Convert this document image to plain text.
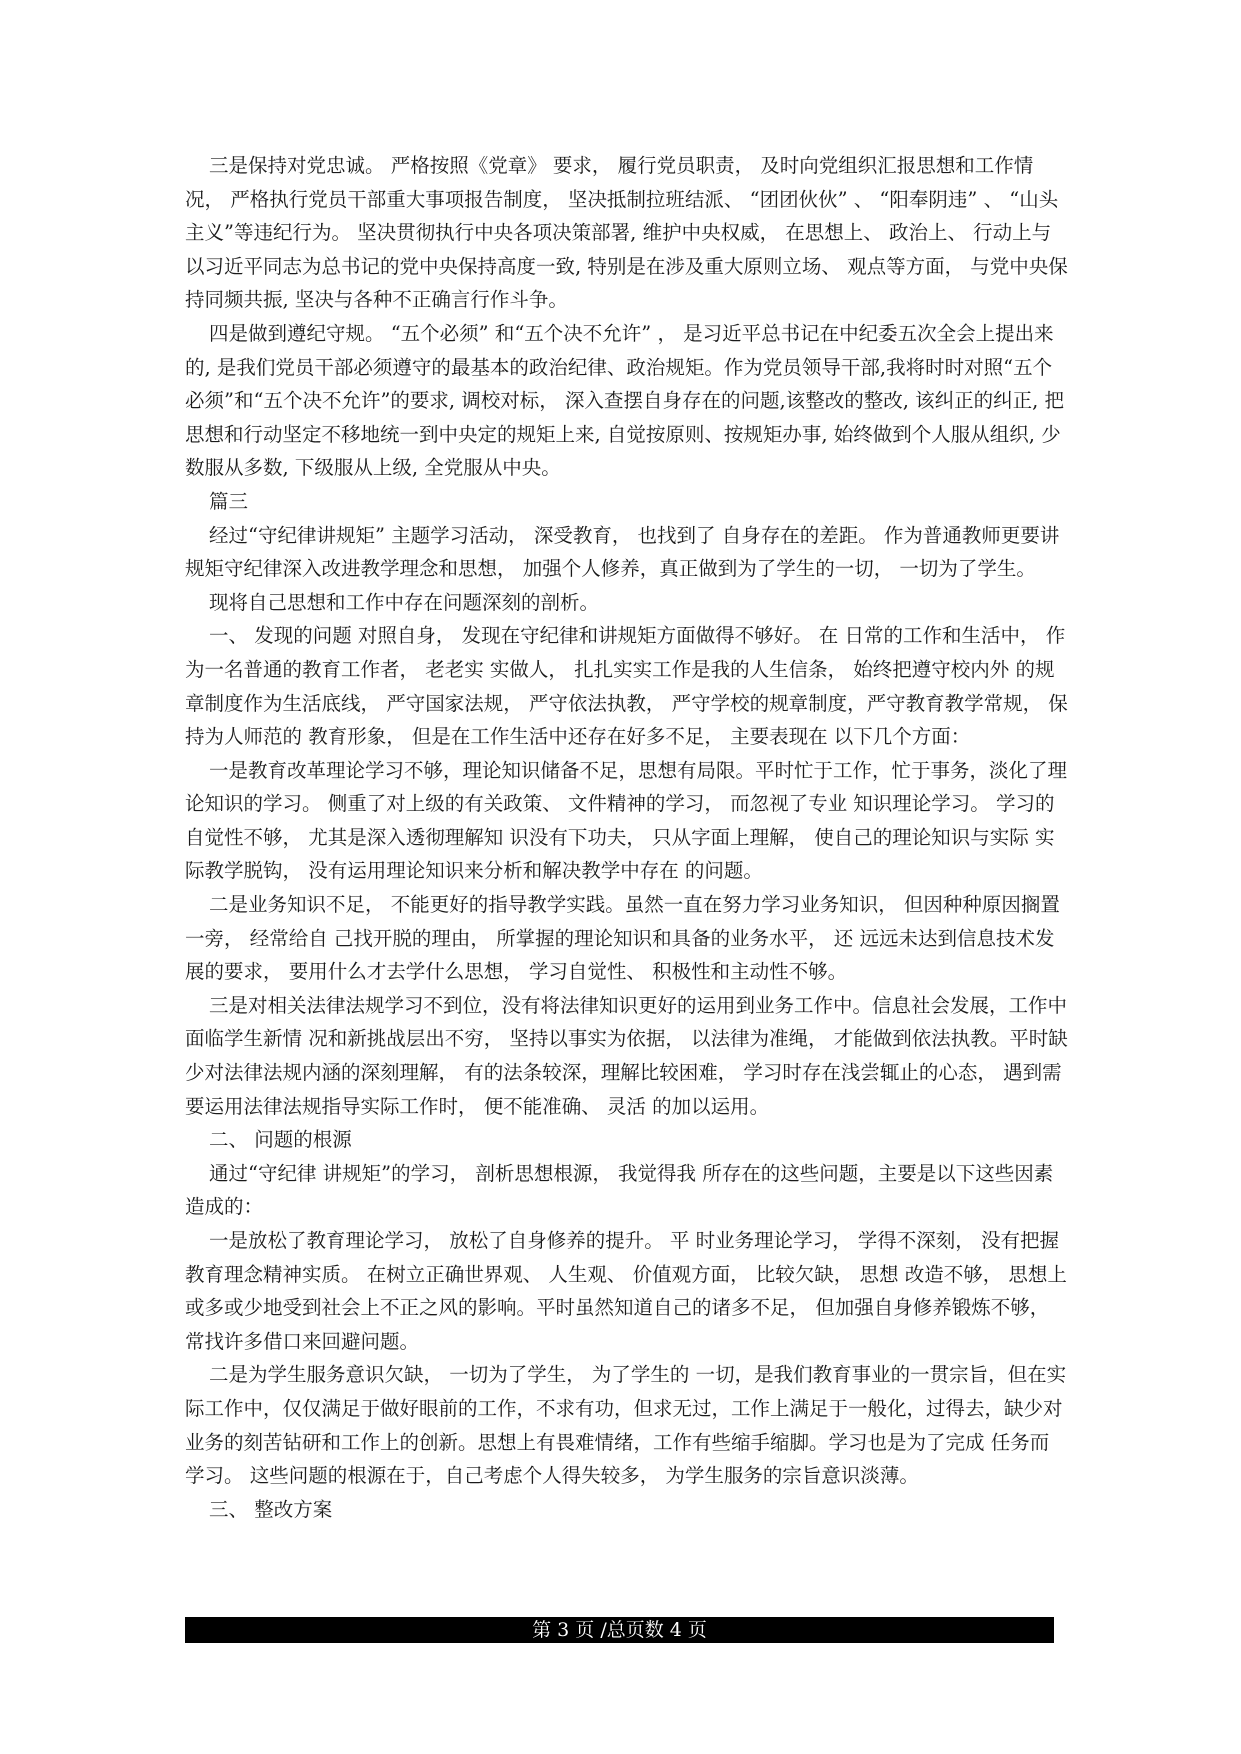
三是保持对党忠诚。 严格按照《党章》 要求， 履行党员职责， 及时向党组织汇报思想和工作情况， 严格执行党员干部重大事项报告制度， 坚决抵制拉班结派、 “团团伙伙” 、 “阳奉阴违” 、 “山头主义”等违纪行为。 坚决贯彻执行中央各项决策部署, 维护中央权威， 在思想上、 政治上、 行动上与以习近平同志为总书记的党中央保持高度一致, 特别是在涉及重大原则立场、 观点等方面， 与党中央保持同频共振, 坚决与各种不正确言行作斗争。

四是做到遵纪守规。 “五个必须” 和“五个决不允许” ， 是习近平总书记在中纪委五次全会上提出来的, 是我们党员干部必须遵守的最基本的政治纪律、政治规矩。作为党员领导干部,我将时时对照“五个必须”和“五个决不允许”的要求, 调校对标， 深入查摆自身存在的问题,该整改的整改, 该纠正的纠正, 把思想和行动坚定不移地统一到中央定的规矩上来, 自觉按原则、按规矩办事, 始终做到个人服从组织, 少数服从多数, 下级服从上级, 全党服从中央。

篇三

经过“守纪律讲规矩” 主题学习活动， 深受教育， 也找到了 自身存在的差距。 作为普通教师更要讲规矩守纪律深入改进教学理念和思想， 加强个人修养，真正做到为了学生的一切， 一切为了学生。

现将自己思想和工作中存在问题深刻的剖析。

一、 发现的问题 对照自身， 发现在守纪律和讲规矩方面做得不够好。 在 日常的工作和生活中， 作为一名普通的教育工作者， 老老实 实做人， 扎扎实实工作是我的人生信条， 始终把遵守校内外 的规章制度作为生活底线， 严守国家法规， 严守依法执教， 严守学校的规章制度，严守教育教学常规， 保持为人师范的 教育形象， 但是在工作生活中还存在好多不足， 主要表现在 以下几个方面：

一是教育改革理论学习不够，理论知识储备不足，思想有局限。平时忙于工作，忙于事务，淡化了理论知识的学习。 侧重了对上级的有关政策、 文件精神的学习， 而忽视了专业 知识理论学习。 学习的自觉性不够， 尤其是深入透彻理解知 识没有下功夫， 只从字面上理解， 使自己的理论知识与实际 实际教学脱钩， 没有运用理论知识来分析和解决教学中存在 的问题。

二是业务知识不足， 不能更好的指导教学实践。虽然一直在努力学习业务知识， 但因种种原因搁置一旁， 经常给自 己找开脱的理由， 所掌握的理论知识和具备的业务水平， 还 远远未达到信息技术发展的要求， 要用什么才去学什么思想， 学习自觉性、 积极性和主动性不够。

三是对相关法律法规学习不到位，没有将法律知识更好的运用到业务工作中。信息社会发展，工作中面临学生新情 况和新挑战层出不穷， 坚持以事实为依据， 以法律为准绳， 才能做到依法执教。平时缺少对法律法规内涵的深刻理解， 有的法条较深，理解比较困难， 学习时存在浅尝辄止的心态， 遇到需要运用法律法规指导实际工作时， 便不能准确、 灵活 的加以运用。

二、 问题的根源

通过“守纪律 讲规矩”的学习， 剖析思想根源， 我觉得我 所存在的这些问题，主要是以下这些因素造成的：

一是放松了教育理论学习， 放松了自身修养的提升。 平 时业务理论学习， 学得不深刻， 没有把握教育理念精神实质。 在树立正确世界观、 人生观、 价值观方面， 比较欠缺， 思想 改造不够， 思想上或多或少地受到社会上不正之风的影响。平时虽然知道自己的诸多不足， 但加强自身修养锻炼不够， 常找许多借口来回避问题。

二是为学生服务意识欠缺， 一切为了学生， 为了学生的 一切，是我们教育事业的一贯宗旨，但在实际工作中，仅仅满足于做好眼前的工作，不求有功，但求无过，工作上满足于一般化，过得去，缺少对业务的刻苦钻研和工作上的创新。思想上有畏难情绪，工作有些缩手缩脚。学习也是为了完成 任务而学习。 这些问题的根源在于，自己考虑个人得失较多， 为学生服务的宗旨意识淡薄。

三、 整改方案

第 3 页 /总页数 4 页
